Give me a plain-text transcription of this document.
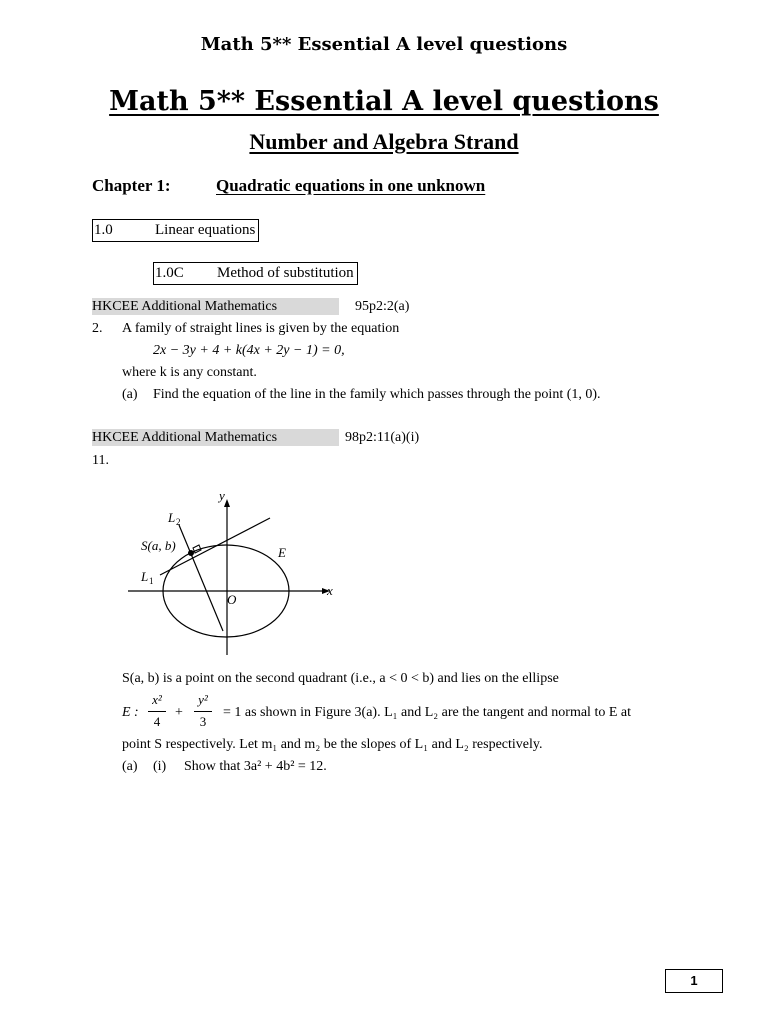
Math 5** Essential A level questions
Math 5** Essential A level questions
Number and Algebra Strand
Chapter 1:	Quadratic equations in one unknown
1.0	Linear equations
1.0C Method of substitution
HKCEE Additional Mathematics	95p2:2(a)
2. A family of straight lines is given by the equation
2x − 3y + 4 + k(4x + 2y − 1) = 0,
where k is any constant.
(a) Find the equation of the line in the family which passes through the point (1, 0).
HKCEE Additional Mathematics	98p2:11(a)(i)
11.
y
x
O
L 2
L 1
E
S(a, b)
S(a, b) is a point on the second quadrant (i.e., a < 0 < b) and lies on the ellipse
E :
x²
4
+
y²
3
= 1 as shown in Figure 3(a). L₁ and L₂ are the tangent and normal to E at
point S respectively. Let m₁ and m₂ be the slopes of L₁ and L₂ respectively.
(a) (i) Show that 3a² + 4b² = 12.
1
